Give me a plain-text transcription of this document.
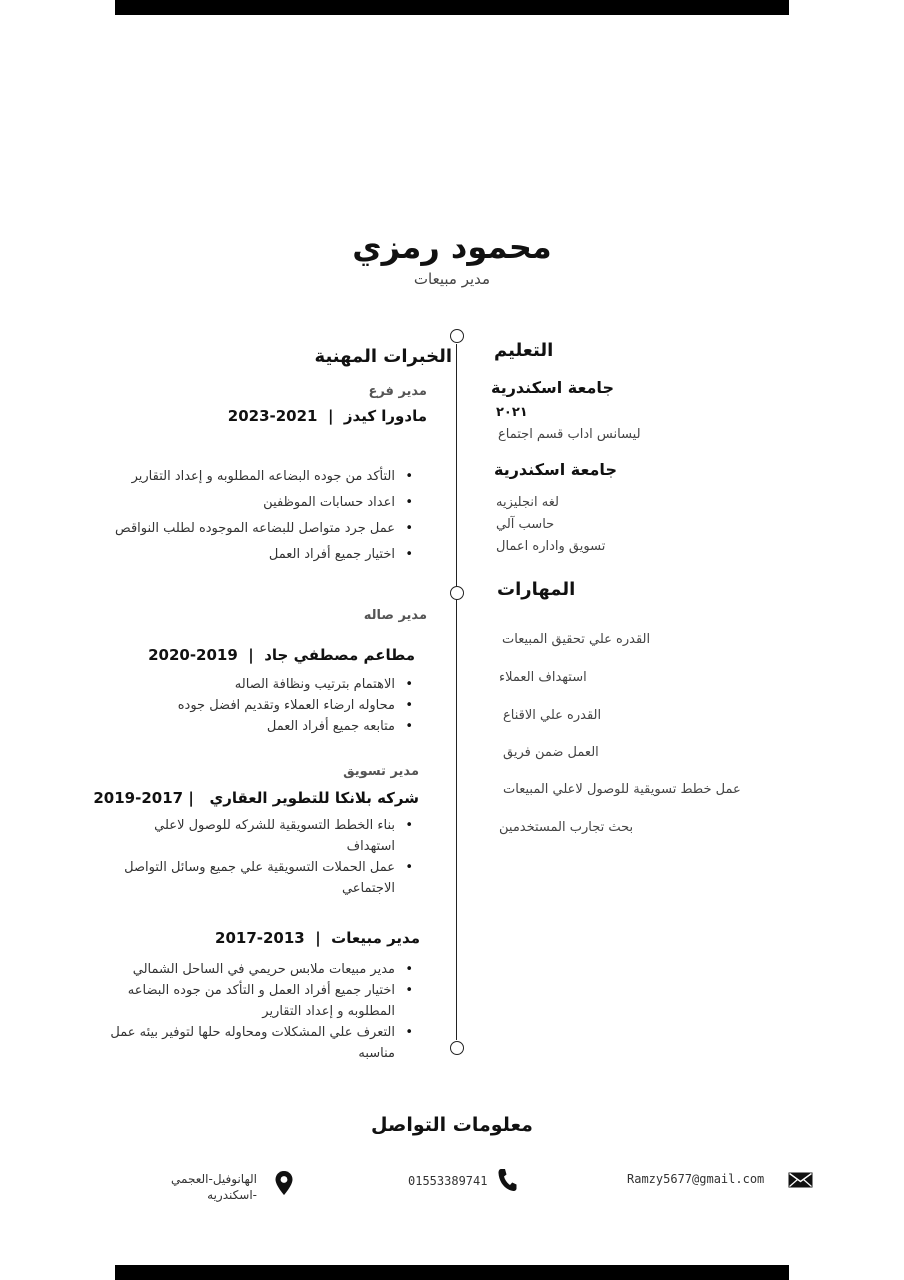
محمود رمزي
مدير مبيعات
الخبرات المهنية
مدير فرع
مادورا كيدز  |  2023-2021
• التأكد من جوده البضاعه المطلوبه و إعداد التقارير
• اعداد حسابات الموظفين
• عمل جرد متواصل للبضاعه الموجوده لطلب النواقص
• اختيار جميع أفراد العمل
مدير صاله
مطاعم مصطفي جاد  |  2020-2019
• الاهتمام بترتيب ونظافة الصاله
• محاوله ارضاء العملاء وتقديم افضل جوده
• متابعه جميع أفراد العمل
مدير تسويق
شركه بلانكا للتطوير العقاري   | 2019-2017
• بناء الخطط التسويقية للشركه للوصول لاعلي استهداف
• عمل الحملات التسويقية علي جميع وسائل التواصل الاجتماعي
مدير مبيعات  |  2017-2013
• مدير مبيعات ملابس حريمي في الساحل الشمالي
• اختيار جميع أفراد العمل و التأكد من جوده البضاعه المطلوبه و إعداد التقارير
• التعرف علي المشكلات ومحاوله حلها لتوفير بيئه عمل مناسبه
التعليم
جامعة اسكندرية
٢٠٢١
ليسانس اداب قسم اجتماع
جامعة اسكندرية
لغه انجليزيه
حاسب آلي
تسويق واداره اعمال
المهارات
القدره علي تحقيق المبيعات
استهداف العملاء
القدره علي الاقناع
العمل ضمن فريق
عمل خطط تسويقية للوصول لاعلي المبيعات
بحث تجارب المستخدمين
معلومات التواصل
الهانوفيل-العجمي -اسكندريه
01553389741	Ramzy5677@gmail.com
